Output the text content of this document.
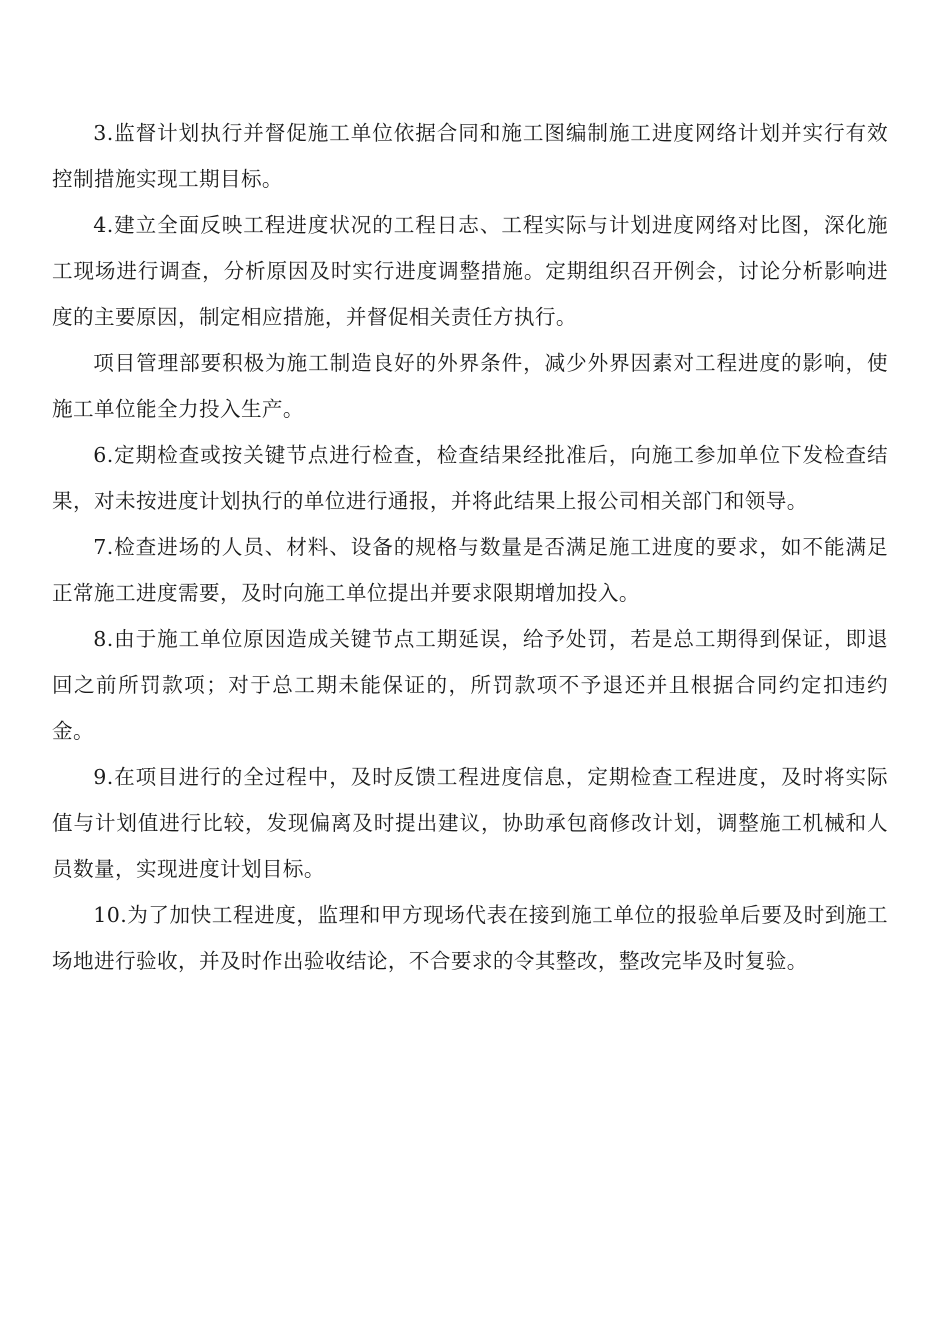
3.监督计划执行并督促施工单位依据合同和施工图编制施工进度网络计划并实行有效控制措施实现工期目标。

4.建立全面反映工程进度状况的工程日志、工程实际与计划进度网络对比图，深化施工现场进行调查，分析原因及时实行进度调整措施。定期组织召开例会，讨论分析影响进度的主要原因，制定相应措施，并督促相关责任方执行。

项目管理部要积极为施工制造良好的外界条件，减少外界因素对工程进度的影响，使施工单位能全力投入生产。

6.定期检查或按关键节点进行检查，检查结果经批准后，向施工参加单位下发检查结果，对未按进度计划执行的单位进行通报，并将此结果上报公司相关部门和领导。

7.检查进场的人员、材料、设备的规格与数量是否满足施工进度的要求，如不能满足正常施工进度需要，及时向施工单位提出并要求限期增加投入。

8.由于施工单位原因造成关键节点工期延误，给予处罚，若是总工期得到保证，即退回之前所罚款项；对于总工期未能保证的，所罚款项不予退还并且根据合同约定扣违约金。

9.在项目进行的全过程中，及时反馈工程进度信息，定期检查工程进度，及时将实际值与计划值进行比较，发现偏离及时提出建议，协助承包商修改计划，调整施工机械和人员数量，实现进度计划目标。

10.为了加快工程进度，监理和甲方现场代表在接到施工单位的报验单后要及时到施工场地进行验收，并及时作出验收结论，不合要求的令其整改，整改完毕及时复验。
